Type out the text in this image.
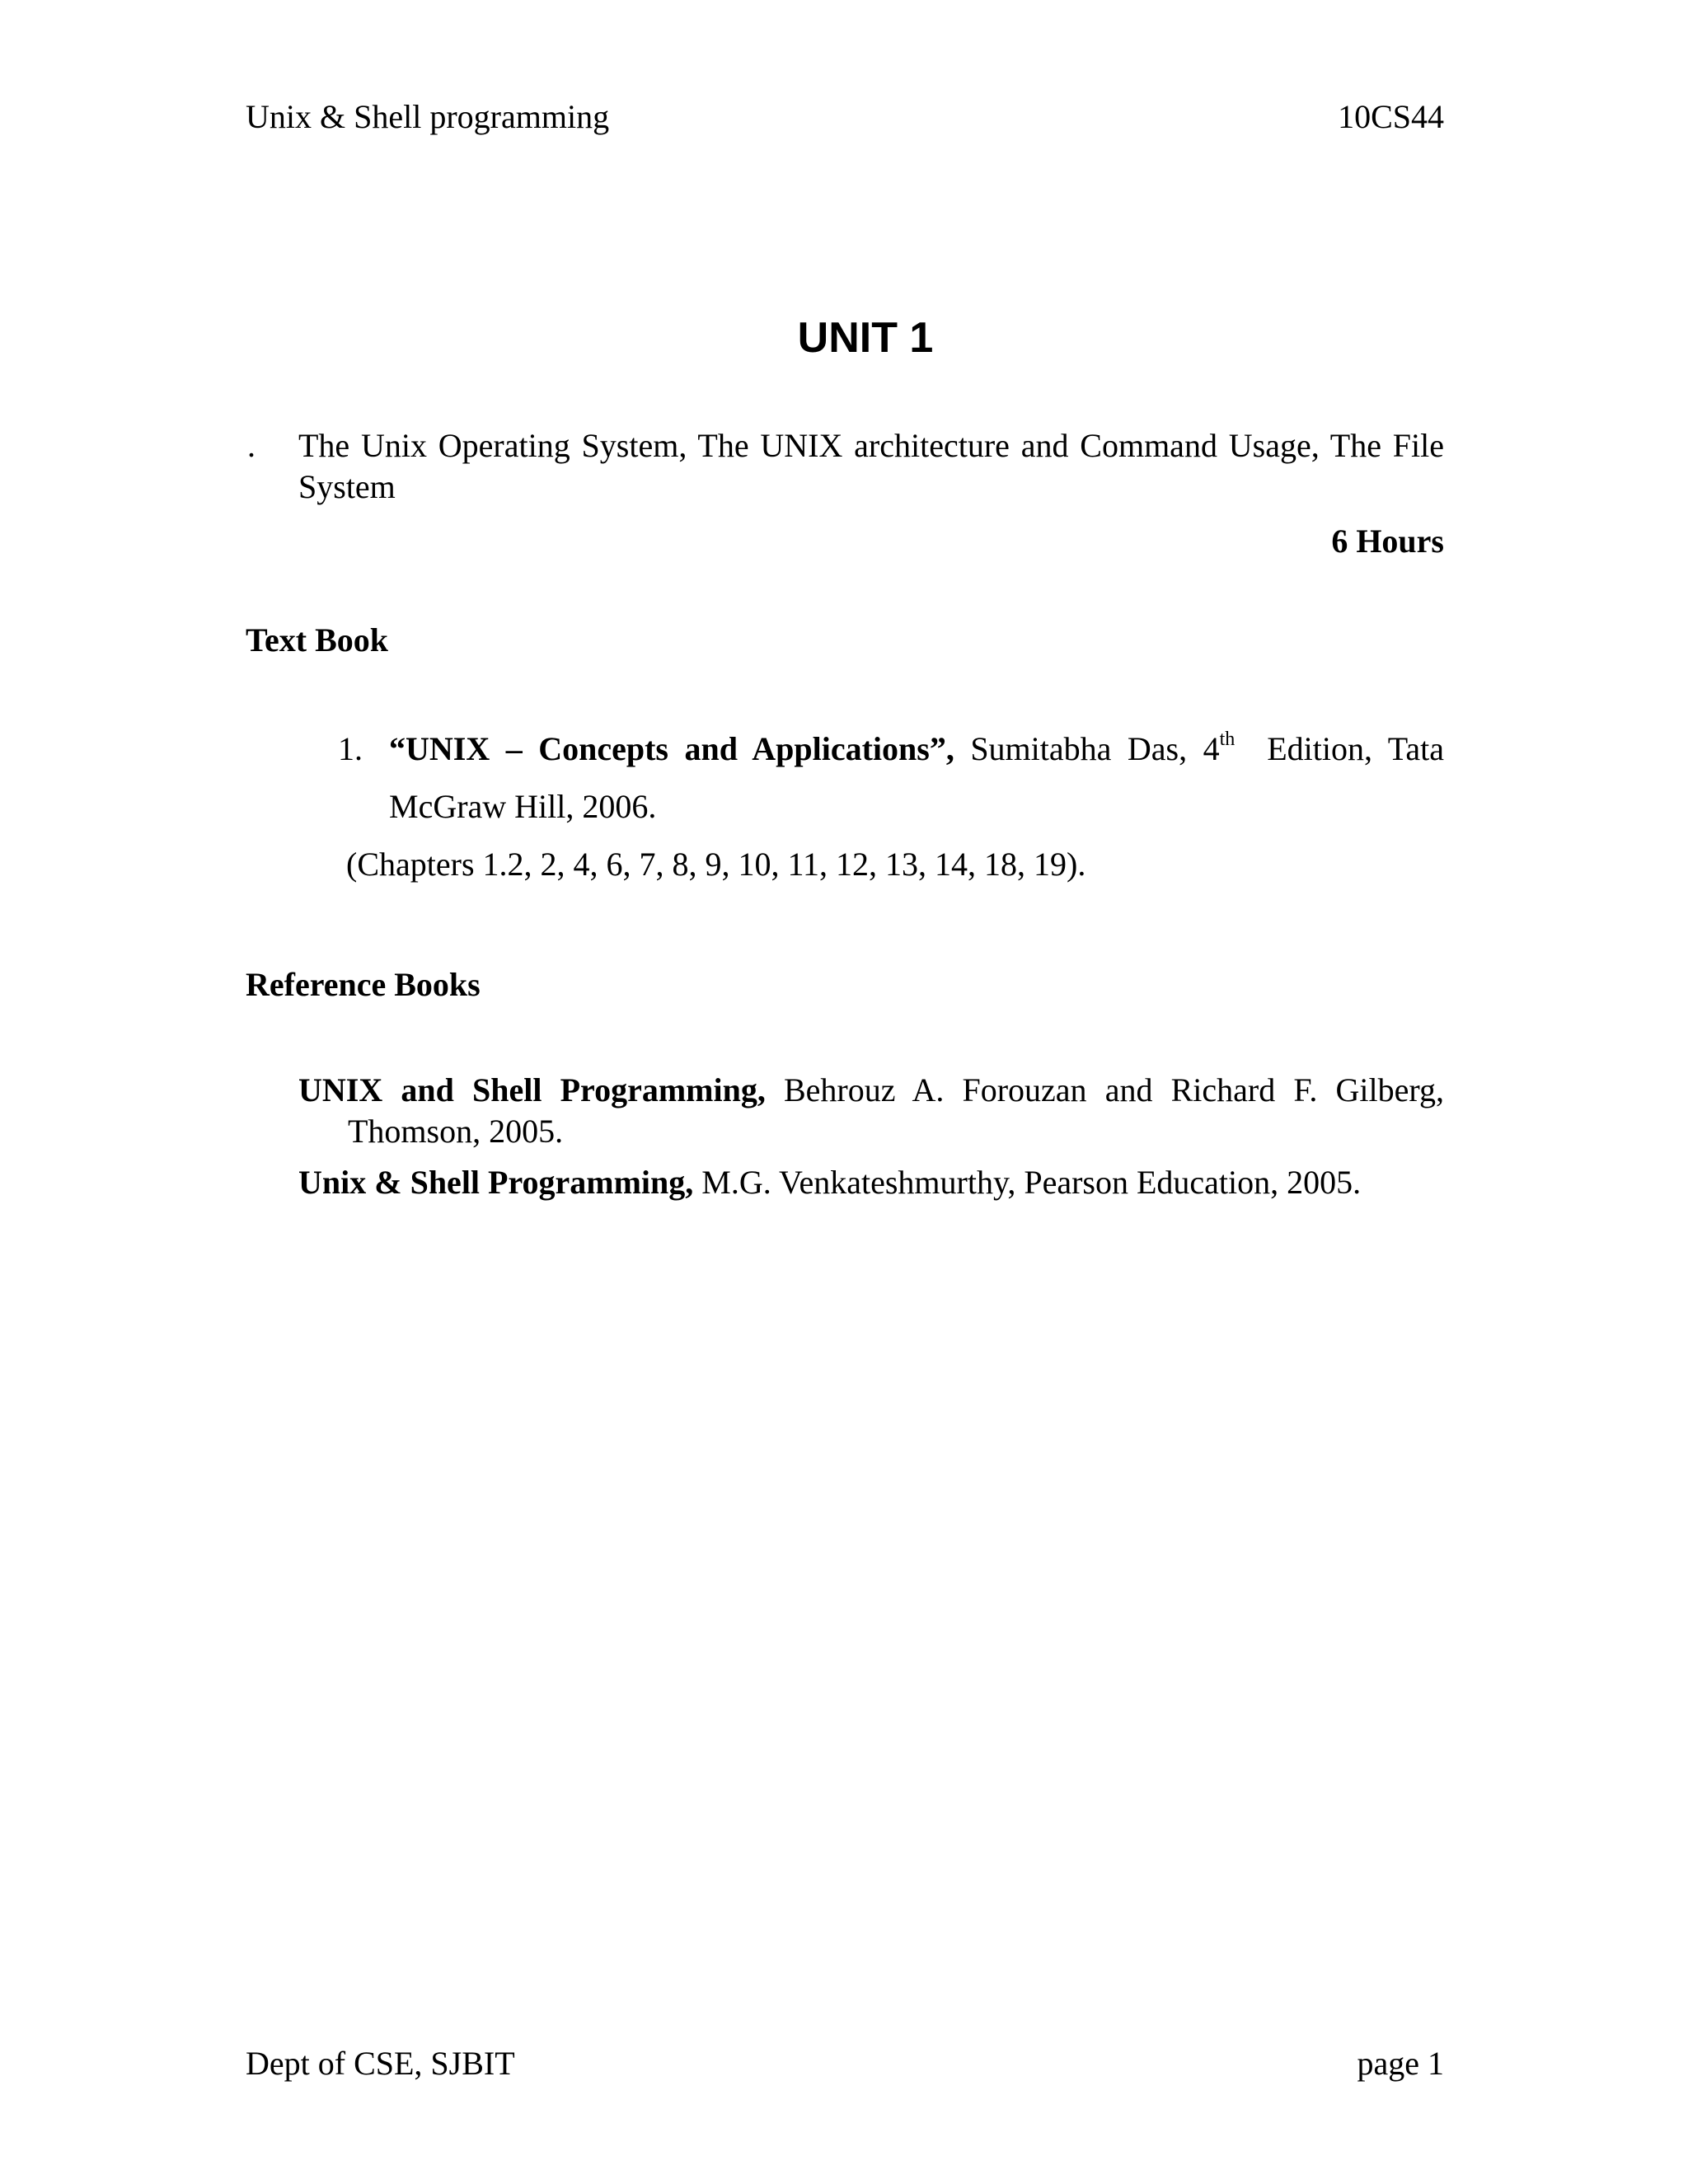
Unix & Shell programming	10CS44
UNIT 1
. The Unix Operating System, The UNIX architecture and Command Usage, The File
System
6 Hours
Text Book
1. “UNIX – Concepts and Applications”, Sumitabha Das, 4th Edition, Tata
McGraw Hill, 2006.
(Chapters 1.2, 2, 4, 6, 7, 8, 9, 10, 11, 12, 13, 14, 18, 19).
Reference Books
UNIX and Shell Programming, Behrouz A. Forouzan and Richard F. Gilberg,
Thomson, 2005.
Unix & Shell Programming, M.G. Venkateshmurthy, Pearson Education, 2005.
Dept of CSE, SJBIT	page 1
